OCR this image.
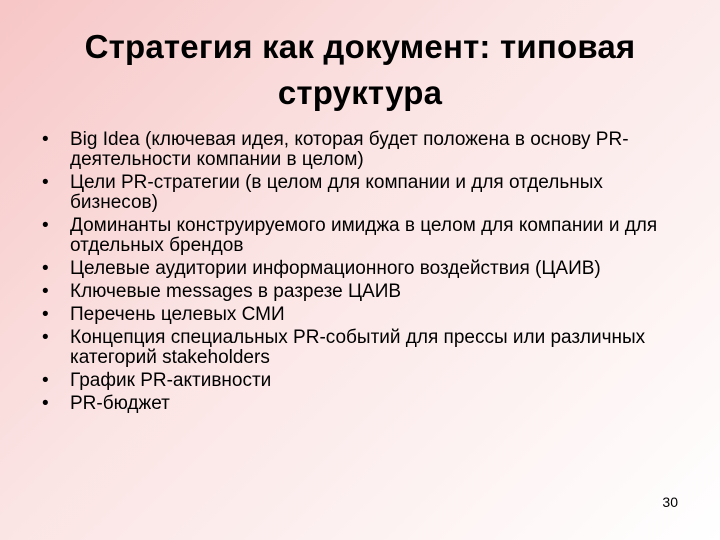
Стратегия как документ: типовая
структура
• Big Idea (ключевая идея, которая будет положена в основу PR-деятельности компании в целом)
• Цели PR-стратегии (в целом для компании и для отдельных бизнесов)
• Доминанты конструируемого имиджа в целом для компании и для отдельных брендов
• Целевые аудитории информационного воздействия (ЦАИВ)
• Ключевые messages в разрезе ЦАИВ
• Перечень целевых СМИ
• Концепция специальных PR-событий для прессы или различных категорий stakeholders
• График PR-активности
• PR-бюджет
30
